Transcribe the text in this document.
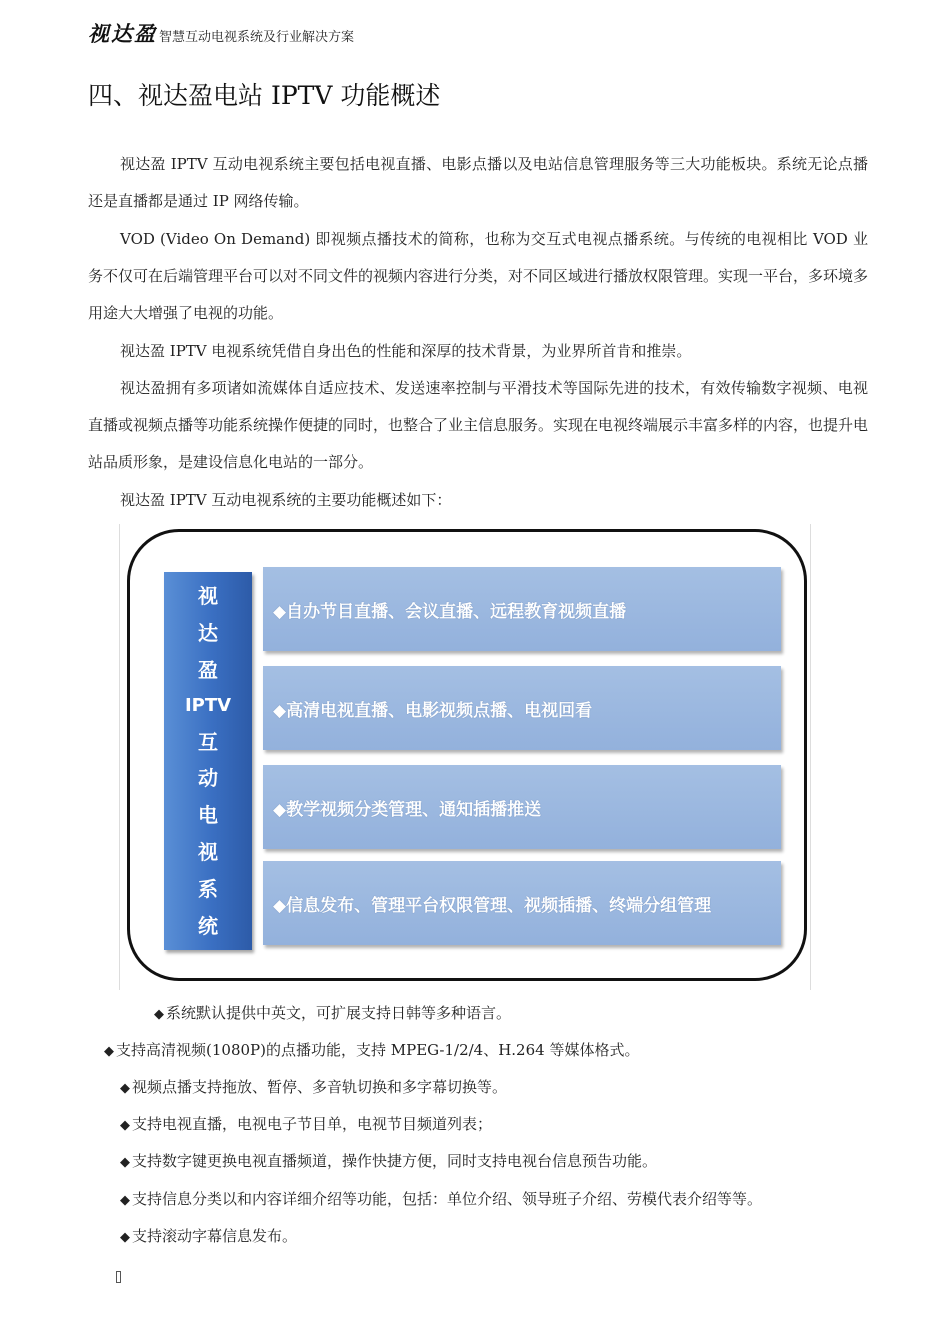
视达盈 智慧互动电视系统及行业解决方案
四、视达盈电站 IPTV 功能概述

视达盈 IPTV 互动电视系统主要包括电视直播、电影点播以及电站信息管理服务等三大功能板块。系统无论点播还是直播都是通过 IP 网络传输。

VOD (Video On Demand) 即视频点播技术的简称，也称为交互式电视点播系统。与传统的电视相比 VOD 业务不仅可在后端管理平台可以对不同文件的视频内容进行分类，对不同区域进行播放权限管理。实现一平台，多环境多用途大大增强了电视的功能。

视达盈 IPTV 电视系统凭借自身出色的性能和深厚的技术背景，为业界所首肯和推崇。

视达盈拥有多项诸如流媒体自适应技术、发送速率控制与平滑技术等国际先进的技术，有效传输数字视频、电视直播或视频点播等功能系统操作便捷的同时，也整合了业主信息服务。实现在电视终端展示丰富多样的内容，也提升电站品质形象，是建设信息化电站的一部分。

视达盈 IPTV 互动电视系统的主要功能概述如下：

视
达
盈
IPTV
互
动
电
视
系
统
◆自办节目直播、会议直播、远程教育视频直播
◆高清电视直播、电影视频点播、电视回看
◆教学视频分类管理、通知插播推送
◆信息发布、管理平台权限管理、视频插播、终端分组管理

◆ 系统默认提供中英文，可扩展支持日韩等多种语言。

◆ 支持高清视频(1080P)的点播功能，支持 MPEG-1/2/4、H.264 等媒体格式。

◆ 视频点播支持拖放、暂停、多音轨切换和多字幕切换等。

◆ 支持电视直播，电视电子节目单，电视节目频道列表；

◆ 支持数字键更换电视直播频道，操作快捷方便，同时支持电视台信息预告功能。

◆ 支持信息分类以和内容详细介绍等功能，包括：单位介绍、领导班子介绍、劳模代表介绍等等。

◆ 支持滚动字幕信息发布。
